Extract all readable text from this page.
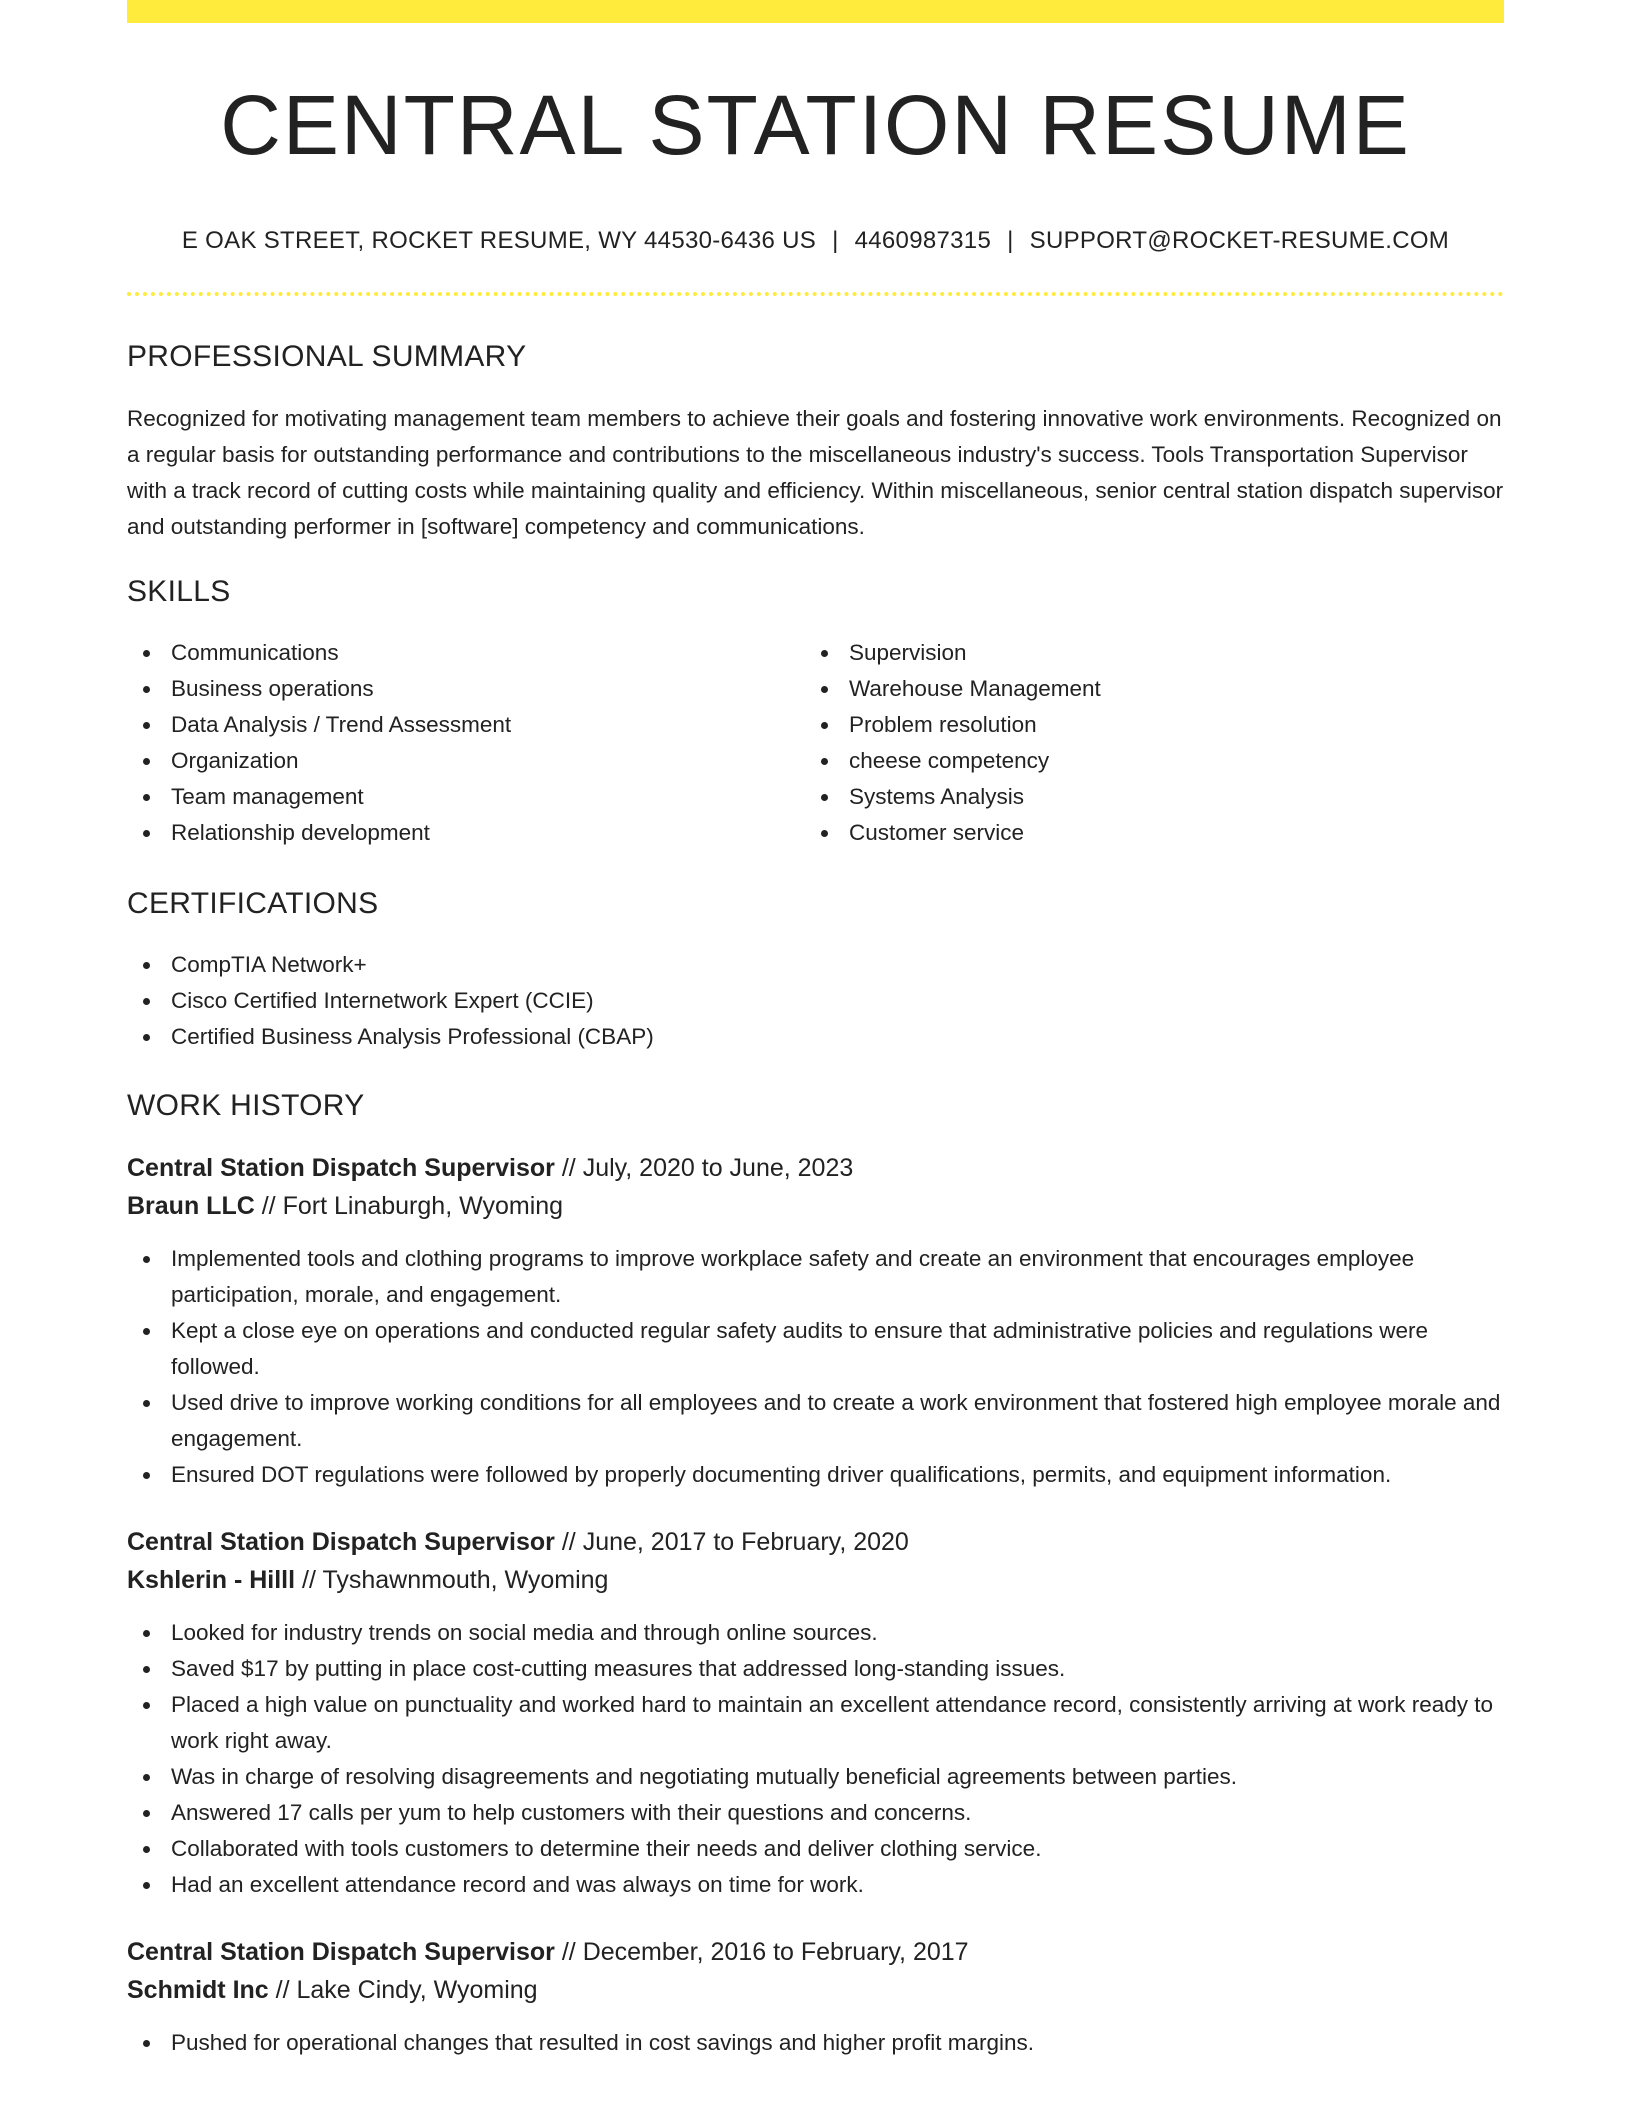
CENTRAL STATION RESUME
E OAK STREET, ROCKET RESUME, WY 44530-6436 US | 4460987315 | SUPPORT@ROCKET-RESUME.COM
PROFESSIONAL SUMMARY

Recognized for motivating management team members to achieve their goals and fostering innovative work environments. Recognized on a regular basis for outstanding performance and contributions to the miscellaneous industry's success. Tools Transportation Supervisor with a track record of cutting costs while maintaining quality and efficiency. Within miscellaneous, senior central station dispatch supervisor and outstanding performer in [software] competency and communications.

SKILLS
Communications
Business operations
Data Analysis / Trend Assessment
Organization
Team management
Relationship development
Supervision
Warehouse Management
Problem resolution
cheese competency
Systems Analysis
Customer service
CERTIFICATIONS
CompTIA Network+
Cisco Certified Internetwork Expert (CCIE)
Certified Business Analysis Professional (CBAP)
WORK HISTORY
Central Station Dispatch Supervisor // July, 2020 to June, 2023
Braun LLC // Fort Linaburgh, Wyoming
Implemented tools and clothing programs to improve workplace safety and create an environment that encourages employee participation, morale, and engagement.
Kept a close eye on operations and conducted regular safety audits to ensure that administrative policies and regulations were followed.
Used drive to improve working conditions for all employees and to create a work environment that fostered high employee morale and engagement.
Ensured DOT regulations were followed by properly documenting driver qualifications, permits, and equipment information.
Central Station Dispatch Supervisor // June, 2017 to February, 2020
Kshlerin - Hilll // Tyshawnmouth, Wyoming
Looked for industry trends on social media and through online sources.
Saved $17 by putting in place cost-cutting measures that addressed long-standing issues.
Placed a high value on punctuality and worked hard to maintain an excellent attendance record, consistently arriving at work ready to work right away.
Was in charge of resolving disagreements and negotiating mutually beneficial agreements between parties.
Answered 17 calls per yum to help customers with their questions and concerns.
Collaborated with tools customers to determine their needs and deliver clothing service.
Had an excellent attendance record and was always on time for work.
Central Station Dispatch Supervisor // December, 2016 to February, 2017
Schmidt Inc // Lake Cindy, Wyoming
Pushed for operational changes that resulted in cost savings and higher profit margins.
